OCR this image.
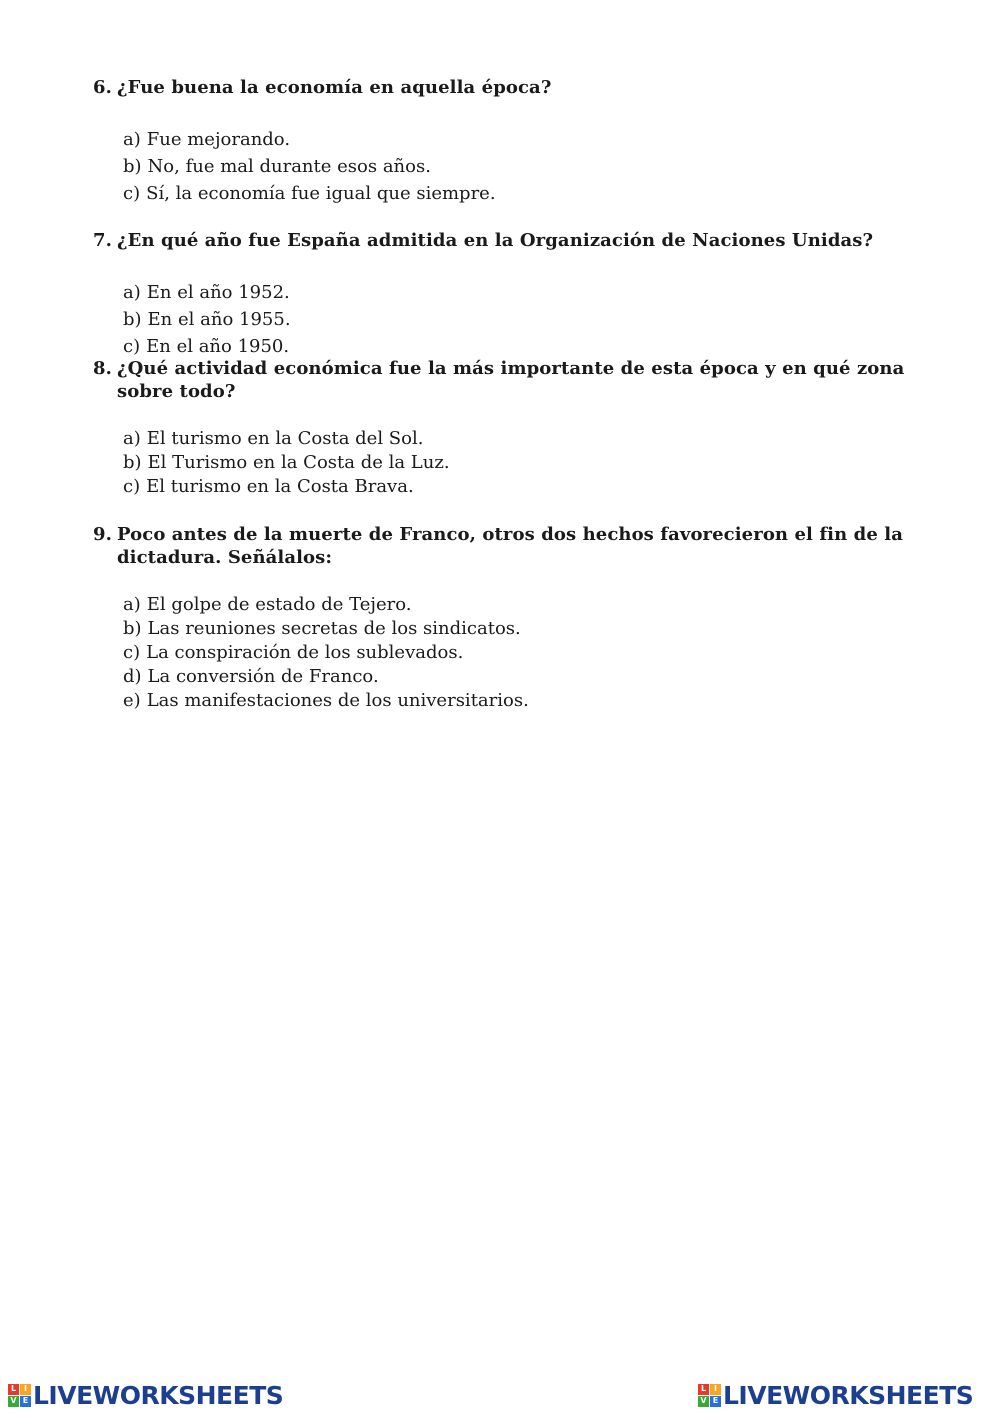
6. ¿Fue buena la economía en aquella época?
a) Fue mejorando.
b) No, fue mal durante esos años.
c) Sí, la economía fue igual que siempre.
7. ¿En qué año fue España admitida en la Organización de Naciones Unidas?
a) En el año 1952.
b) En el año 1955.
c) En el año 1950.
8. ¿Qué actividad económica fue la más importante de esta época y en qué zona sobre todo?
a) El turismo en la Costa del Sol.
b) El Turismo en la Costa de la Luz.
c) El turismo en la Costa Brava.
9. Poco antes de la muerte de Franco, otros dos hechos favorecieron el fin de la dictadura. Señálalos:
a) El golpe de estado de Tejero.
b) Las reuniones secretas de los sindicatos.
c) La conspiración de los sublevados.
d) La conversión de Franco.
e) Las manifestaciones de los universitarios.
L I
V E LIVEWORKSHEETS	L I
V E LIVEWORKSHEETS
